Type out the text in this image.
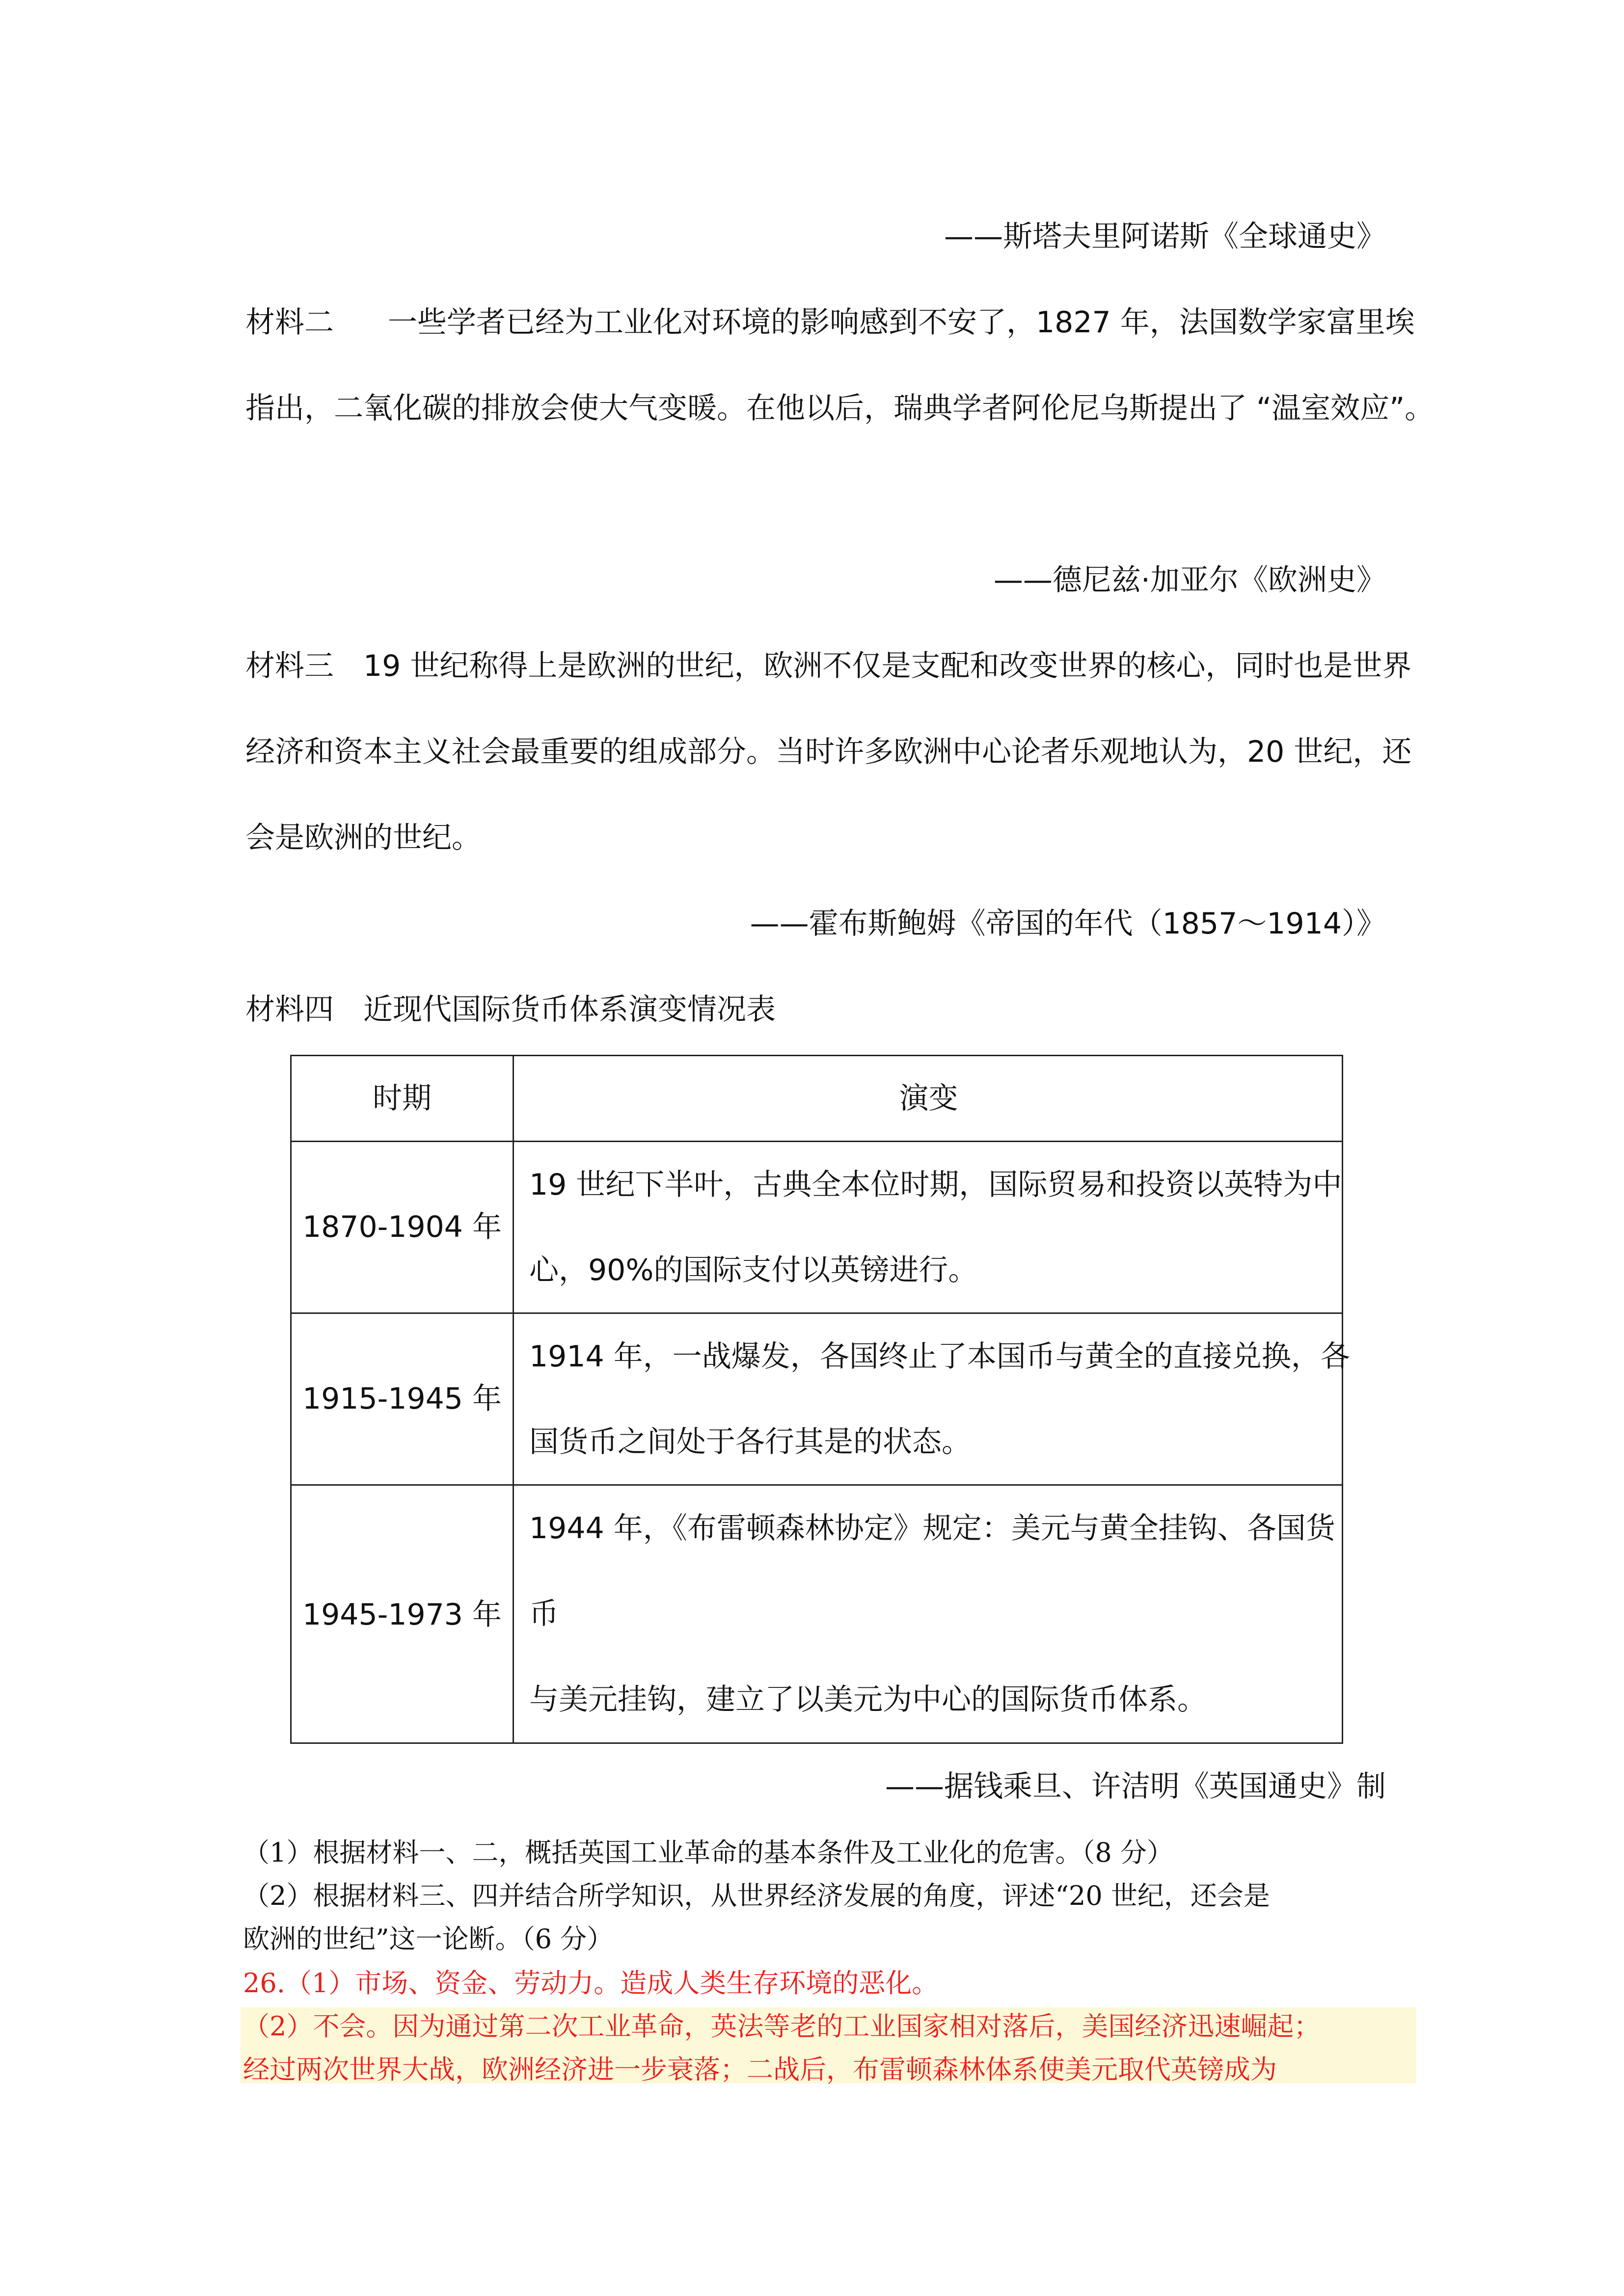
——斯塔夫里阿诺斯《全球通史》
材料二 一些学者已经为工业化对环境的影响感到不安了，1827 年，法国数学家富里埃
指出，二氧化碳的排放会使大气变暖。在他以后，瑞典学者阿伦尼乌斯提出了 “温室效应”。
——德尼兹·加亚尔《欧洲史》
材料三 19 世纪称得上是欧洲的世纪，欧洲不仅是支配和改变世界的核心，同时也是世界
经济和资本主义社会最重要的组成部分。当时许多欧洲中心论者乐观地认为，20 世纪，还
会是欧洲的世纪。
——霍布斯鲍姆《帝国的年代（1857～1914）》
材料四 近现代国际货币体系演变情况表
时期	演变
1870-1904 年
19 世纪下半叶，古典全本位时期，国际贸易和投资以英特为中
心，90%的国际支付以英镑进行。
1915-1945 年
1914 年，一战爆发，各国终止了本国币与黄全的直接兑换，各
国货币之间处于各行其是的状态。
1945-1973 年
1944 年，《布雷顿森林协定》规定：美元与黄全挂钩、各国货
币
与美元挂钩，建立了以美元为中心的国际货币体系。
——据钱乘旦、许洁明《英国通史》制
（1）根据材料一、二，概括英国工业革命的基本条件及工业化的危害。（8 分）
（2）根据材料三、四并结合所学知识，从世界经济发展的角度，评述“20 世纪，还会是
欧洲的世纪”这一论断。（6 分）
26.（1）市场、资金、劳动力。造成人类生存环境的恶化。
（2）不会。因为通过第二次工业革命，英法等老的工业国家相对落后，美国经济迅速崛起；
经过两次世界大战，欧洲经济进一步衰落；二战后，布雷顿森林体系使美元取代英镑成为
